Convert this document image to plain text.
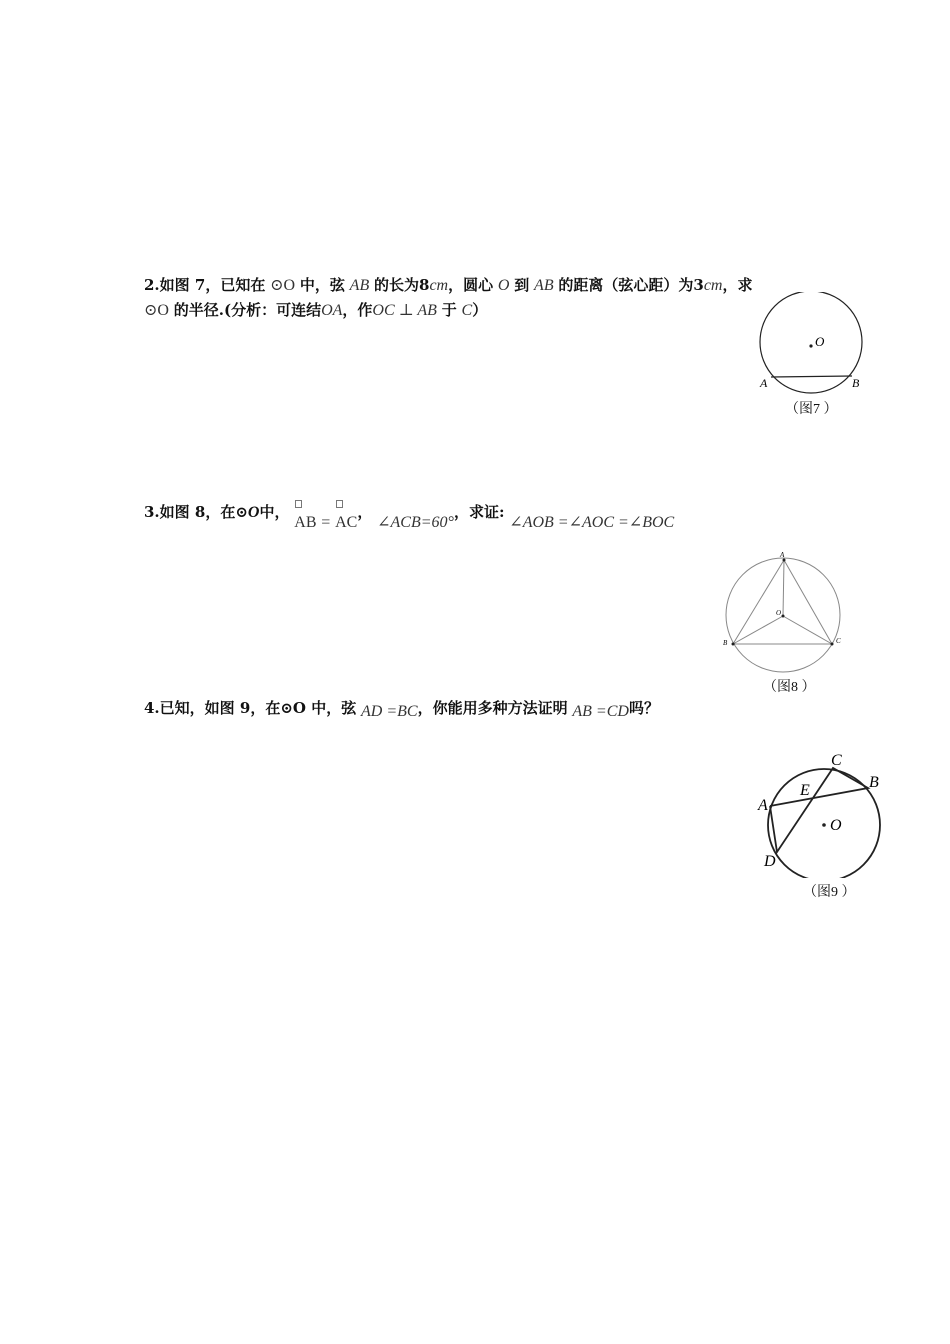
2.如图 7，已知在 ⊙O 中，弦 AB 的长为8cm，圆心 O 到 AB 的距离（弦心距）为3cm，求
⊙O 的半径.(分析：可连结OA，作OC ⊥ AB 于 C）
O
A	B
（图7 ）
3.如图 8，在⊙O中，
AB = AC， ∠ACB=60°，求证: ∠AOB =∠AOC =∠BOC
A
B	C
O
（图8 ）
4.已知，如图 9，在⊙O 中，弦 AD =BC，你能用多种方法证明 AB =CD吗？
O
A
D
C
B
E
（图9 ）
